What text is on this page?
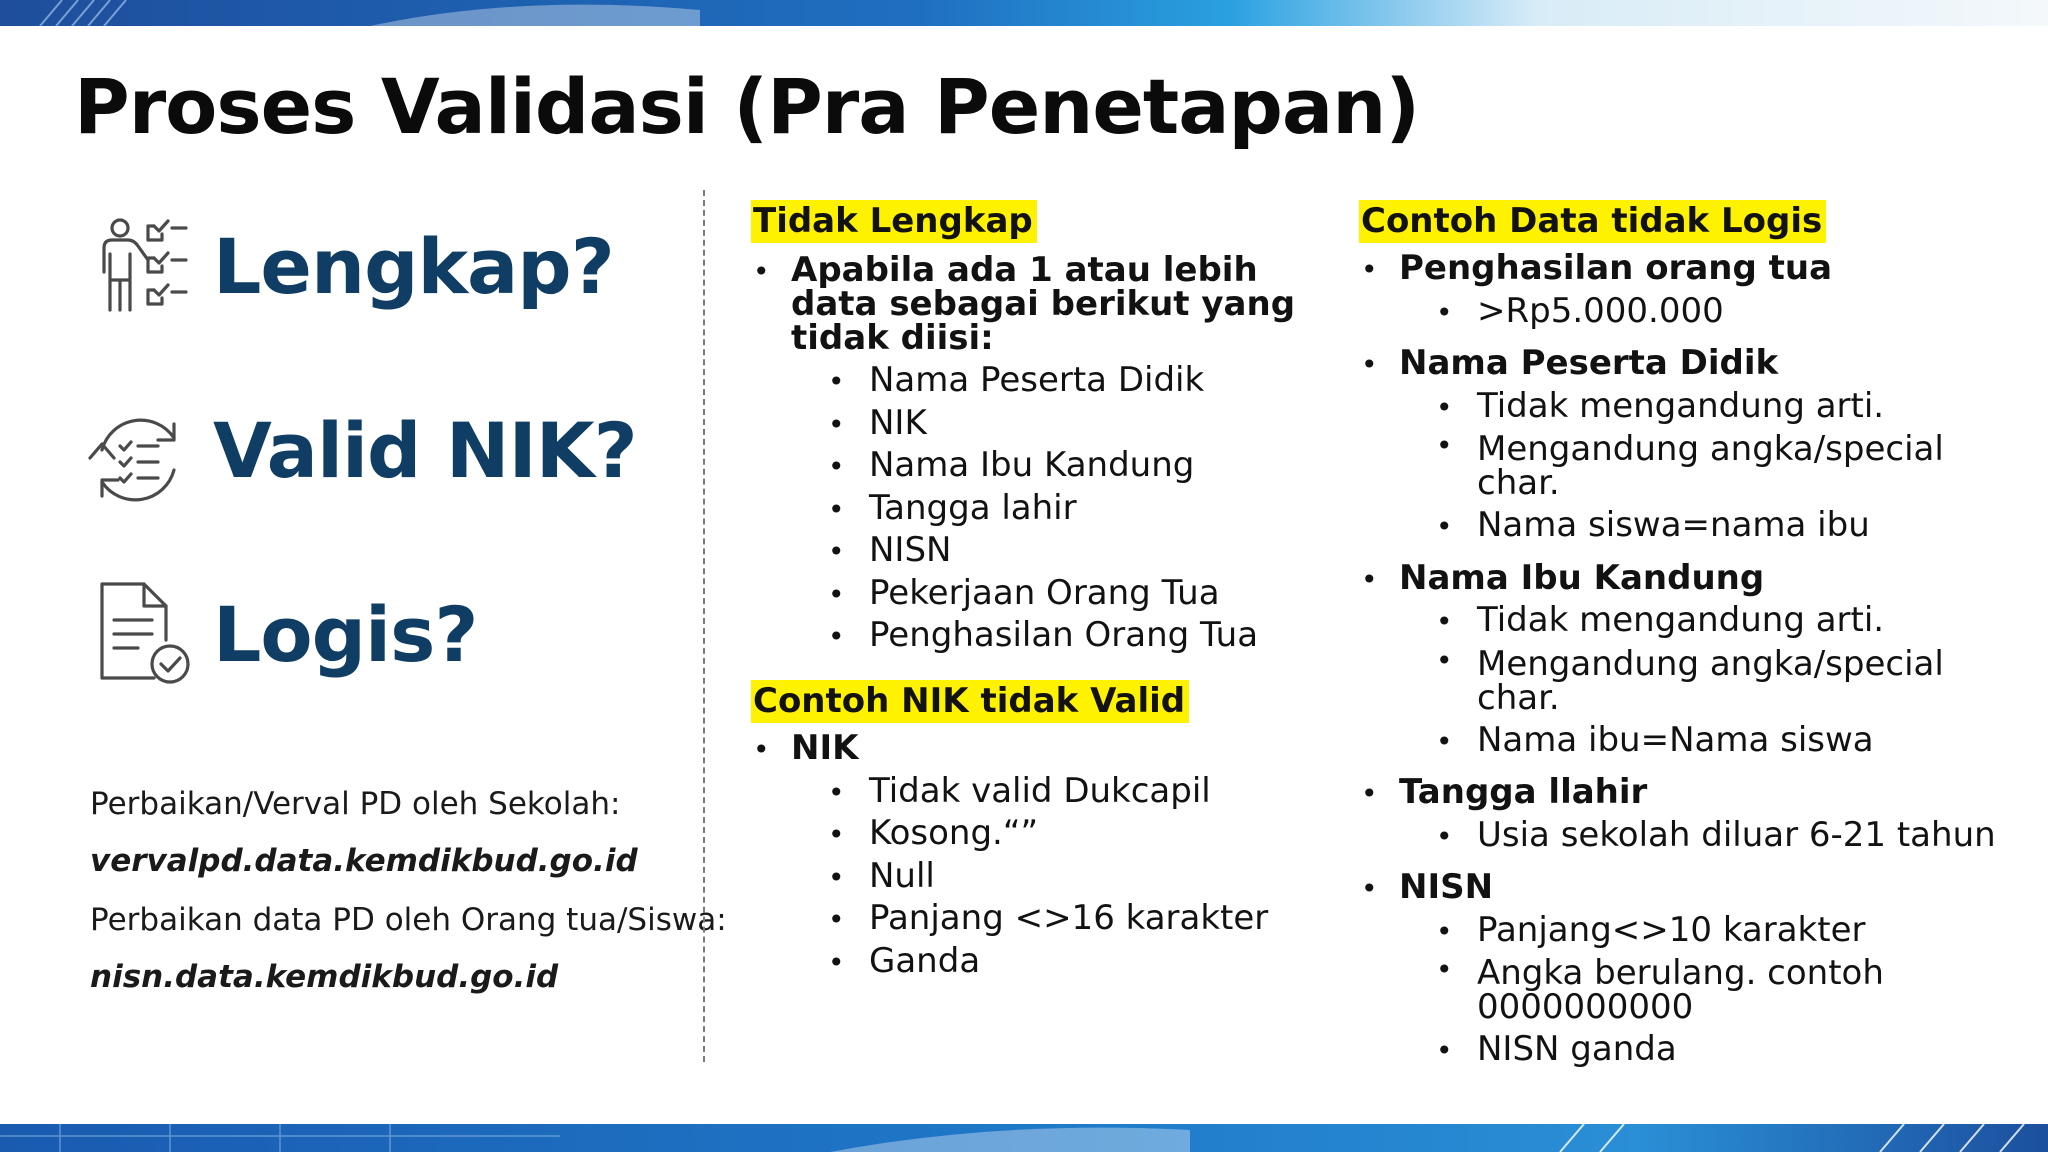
Proses Validasi (Pra Penetapan)
Lengkap?
Valid NIK?
Logis?
Perbaikan/Verval PD oleh Sekolah:
vervalpd.data.kemdikbud.go.id
Perbaikan data PD oleh Orang tua/Siswa:
nisn.data.kemdikbud.go.id
Tidak Lengkap
• Apabila ada 1 atau lebih data sebagai berikut yang tidak diisi:
• Nama Peserta Didik
• NIK
• Nama Ibu Kandung
• Tangga lahir
• NISN
• Pekerjaan Orang Tua
• Penghasilan Orang Tua
Contoh NIK tidak Valid
• NIK
• Tidak valid Dukcapil
• Kosong.“”
• Null
• Panjang <>16 karakter
• Ganda
Contoh Data tidak Logis
• Penghasilan orang tua
• >Rp5.000.000
• Nama Peserta Didik
• Tidak mengandung arti.
• Mengandung angka/special char.
• Nama siswa=nama ibu
• Nama Ibu Kandung
• Tidak mengandung arti.
• Mengandung angka/special char.
• Nama ibu=Nama siswa
• Tangga llahir
• Usia sekolah diluar 6-21 tahun
• NISN
• Panjang<>10 karakter
• Angka berulang. contoh 0000000000
• NISN ganda
